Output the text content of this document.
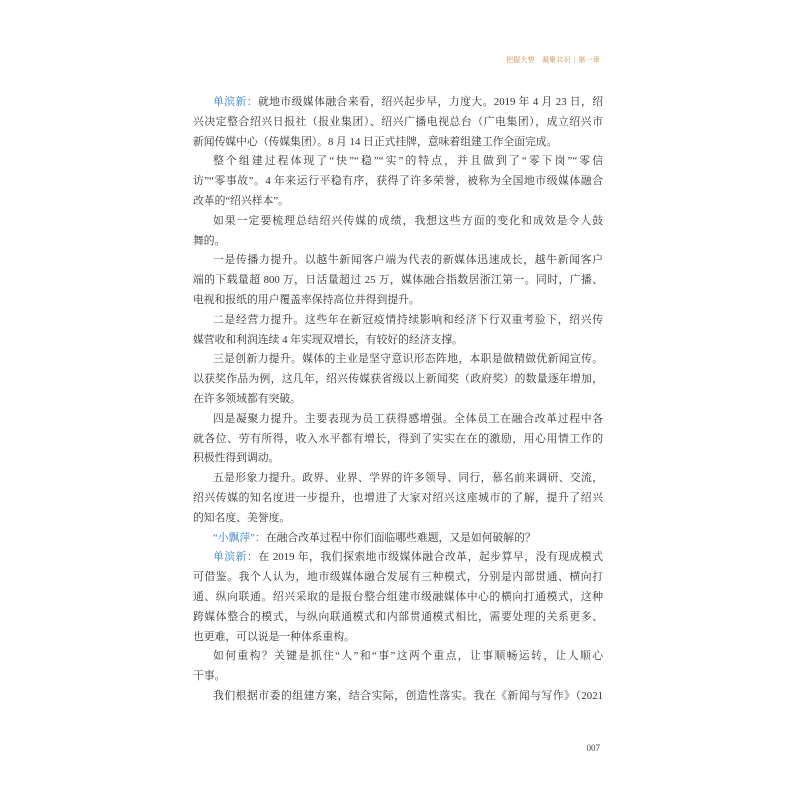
把握大势　凝聚共识 | 第一章
单滨新：就地市级媒体融合来看，绍兴起步早，力度大。2019 年 4 月 23 日，绍
兴决定整合绍兴日报社（报业集团）、绍兴广播电视总台（广电集团），成立绍兴市
新闻传媒中心（传媒集团）。8 月 14 日正式挂牌，意味着组建工作全面完成。
整个组建过程体现了“快”“稳”“实”的特点，并且做到了“零下岗”“零信
访”“零事故”。4 年来运行平稳有序，获得了许多荣誉，被称为全国地市级媒体融合
改革的“绍兴样本”。
如果一定要梳理总结绍兴传媒的成绩，我想这些方面的变化和成效是令人鼓
舞的。
一是传播力提升。以越牛新闻客户端为代表的新媒体迅速成长，越牛新闻客户
端的下载量超 800 万，日活量超过 25 万，媒体融合指数居浙江第一。同时，广播、
电视和报纸的用户覆盖率保持高位并得到提升。
二是经营力提升。这些年在新冠疫情持续影响和经济下行双重考验下，绍兴传
媒营收和利润连续 4 年实现双增长，有较好的经济支撑。
三是创新力提升。媒体的主业是坚守意识形态阵地，本职是做精做优新闻宣传。
以获奖作品为例，这几年，绍兴传媒获省级以上新闻奖（政府奖）的数量逐年增加，
在许多领域都有突破。
四是凝聚力提升。主要表现为员工获得感增强。全体员工在融合改革过程中各
就各位、劳有所得，收入水平都有增长，得到了实实在在的激励，用心用情工作的
积极性得到调动。
五是形象力提升。政界、业界、学界的许多领导、同行，慕名前来调研、交流，
绍兴传媒的知名度进一步提升，也增进了大家对绍兴这座城市的了解，提升了绍兴
的知名度、美誉度。
“小飘萍”：在融合改革过程中你们面临哪些难题，又是如何破解的？
单滨新：在 2019 年，我们探索地市级媒体融合改革，起步算早，没有现成模式
可借鉴。我个人认为，地市级媒体融合发展有三种模式，分别是内部贯通、横向打
通、纵向联通。绍兴采取的是报台整合组建市级融媒体中心的横向打通模式，这种
跨媒体整合的模式，与纵向联通模式和内部贯通模式相比，需要处理的关系更多、
也更难，可以说是一种体系重构。
如何重构？关键是抓住“人”和“事”这两个重点，让事顺畅运转，让人顺心
干事。
我们根据市委的组建方案，结合实际，创造性落实。我在《新闻与写作》（2021
007
